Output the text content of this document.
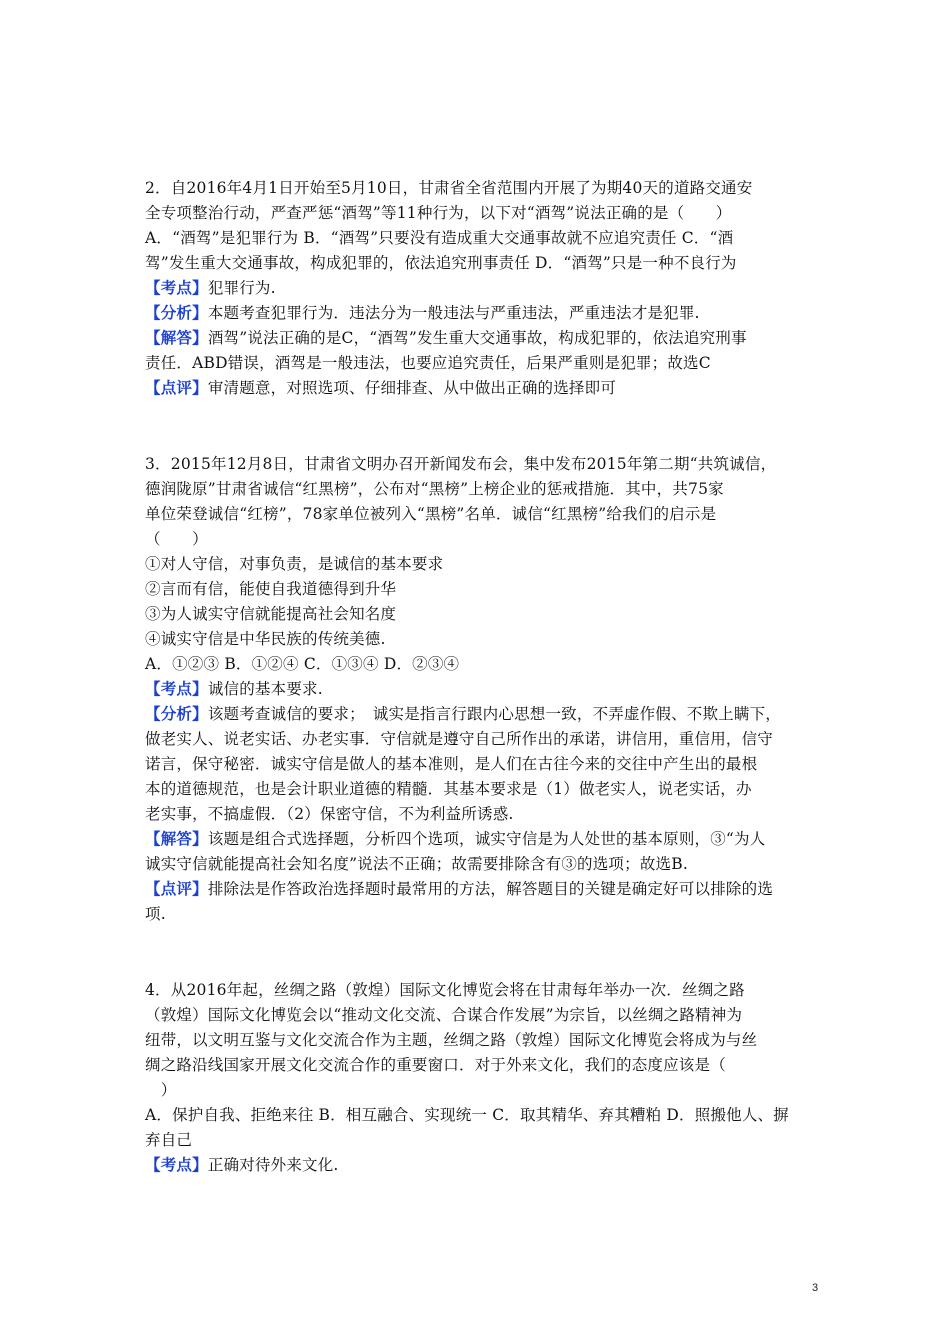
2．自2016年4月1日开始至5月10日，甘肃省全省范围内开展了为期40天的道路交通安
全专项整治行动，严查严惩“酒驾”等11种行为，以下对“酒驾”说法正确的是（　　）
A．“酒驾”是犯罪行为 B．“酒驾”只要没有造成重大交通事故就不应追究责任 C．“酒
驾”发生重大交通事故，构成犯罪的，依法追究刑事责任 D．“酒驾”只是一种不良行为
【考点】犯罪行为.
【分析】本题考查犯罪行为．违法分为一般违法与严重违法，严重违法才是犯罪.
【解答】酒驾”说法正确的是C，“酒驾”发生重大交通事故，构成犯罪的，依法追究刑事
责任．ABD错误，酒驾是一般违法，也要应追究责任，后果严重则是犯罪；故选C
【点评】审清题意，对照选项、仔细排查、从中做出正确的选择即可
3．2015年12月8日，甘肃省文明办召开新闻发布会，集中发布2015年第二期“共筑诚信，
德润陇原”甘肃省诚信“红黑榜”，公布对“黑榜”上榜企业的惩戒措施．其中，共75家
单位荣登诚信“红榜”，78家单位被列入“黑榜”名单．诚信“红黑榜”给我们的启示是
（　　）
①对人守信，对事负责，是诚信的基本要求
②言而有信，能使自我道德得到升华
③为人诚实守信就能提高社会知名度
④诚实守信是中华民族的传统美德.
A．①②③ B．①②④ C．①③④ D．②③④
【考点】诚信的基本要求.
【分析】该题考查诚信的要求；　诚实是指言行跟内心思想一致，不弄虚作假、不欺上瞒下，
做老实人、说老实话、办老实事．守信就是遵守自己所作出的承诺，讲信用，重信用，信守
诺言，保守秘密．诚实守信是做人的基本准则，是人们在古往今来的交往中产生出的最根
本的道德规范，也是会计职业道德的精髓．其基本要求是（1）做老实人，说老实话，办
老实事，不搞虚假．（2）保密守信，不为利益所诱惑.
【解答】该题是组合式选择题，分析四个选项，诚实守信是为人处世的基本原则，③“为人
诚实守信就能提高社会知名度”说法不正确；故需要排除含有③的选项；故选B.
【点评】排除法是作答政治选择题时最常用的方法，解答题目的关键是确定好可以排除的选
项.
4．从2016年起，丝绸之路（敦煌）国际文化博览会将在甘肃每年举办一次．丝绸之路
（敦煌）国际文化博览会以“推动文化交流、合谋合作发展”为宗旨，以丝绸之路精神为
纽带，以文明互鉴与文化交流合作为主题，丝绸之路（敦煌）国际文化博览会将成为与丝
绸之路沿线国家开展文化交流合作的重要窗口．对于外来文化，我们的态度应该是（
　）
A．保护自我、拒绝来往 B．相互融合、实现统一 C．取其精华、弃其糟粕 D．照搬他人、摒
弃自己
【考点】正确对待外来文化.
3
